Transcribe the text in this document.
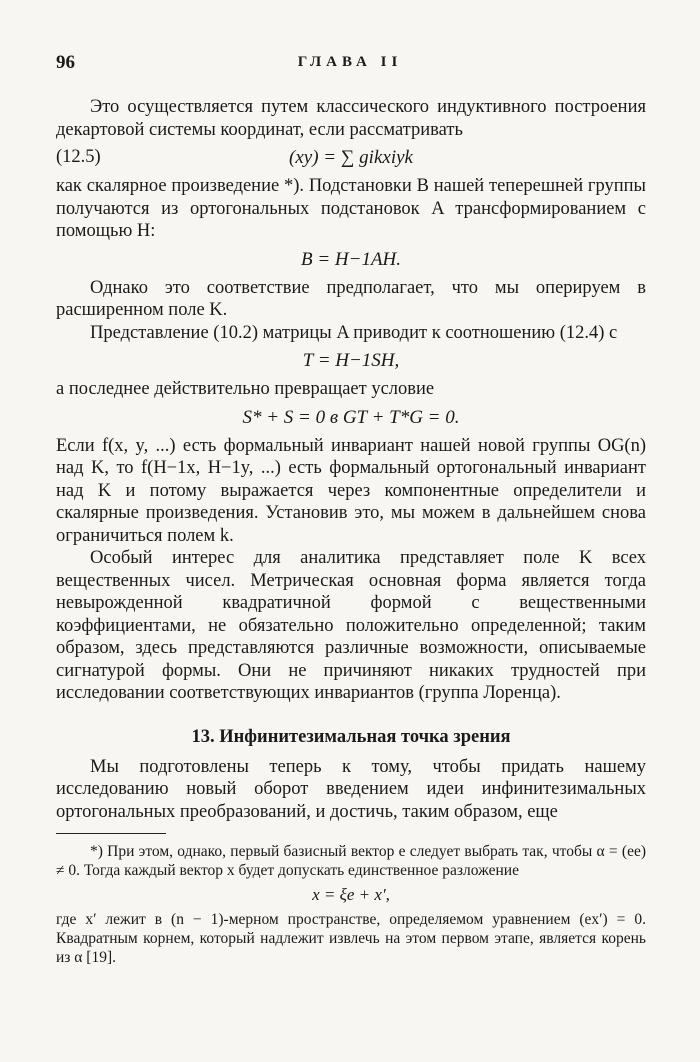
96	ГЛАВА II

Это осуществляется путем классического индуктивного построения декартовой системы координат, если рассматривать

(12.5)	(xy) = ∑ gikxiyk

как скалярное произведение *). Подстановки B нашей теперешней группы получаются из ортогональных подстановок A трансформированием с помощью H:

B = H−1AH.

Однако это соответствие предполагает, что мы оперируем в расширенном поле K.

Представление (10.2) матрицы A приводит к соотношению (12.4) с

T = H−1SH,

а последнее действительно превращает условие

S* + S = 0 в GT + T*G = 0.

Если f(x, y, ...) есть формальный инвариант нашей новой группы OG(n) над K, то f(H−1x, H−1y, ...) есть формальный ортогональный инвариант над K и потому выражается через компонентные определители и скалярные произведения. Установив это, мы можем в дальнейшем снова ограничиться полем k.

Особый интерес для аналитика представляет поле K всех вещественных чисел. Метрическая основная форма является тогда невырожденной квадратичной формой с вещественными коэффициентами, не обязательно положительно определенной; таким образом, здесь представляются различные возможности, описываемые сигнатурой формы. Они не причиняют никаких трудностей при исследовании соответствующих инвариантов (группа Лоренца).

13. Инфинитезимальная точка зрения

Мы подготовлены теперь к тому, чтобы придать нашему исследованию новый оборот введением идеи инфинитезимальных ортогональных преобразований, и достичь, таким образом, еще

*) При этом, однако, первый базисный вектор e следует выбрать так, чтобы α = (ee) ≠ 0. Тогда каждый вектор x будет допускать единственное разложение

x = ξe + x′,

где x′ лежит в (n − 1)-мерном пространстве, определяемом уравнением (ex′) = 0. Квадратным корнем, который надлежит извлечь на этом первом этапе, является корень из α [19].
